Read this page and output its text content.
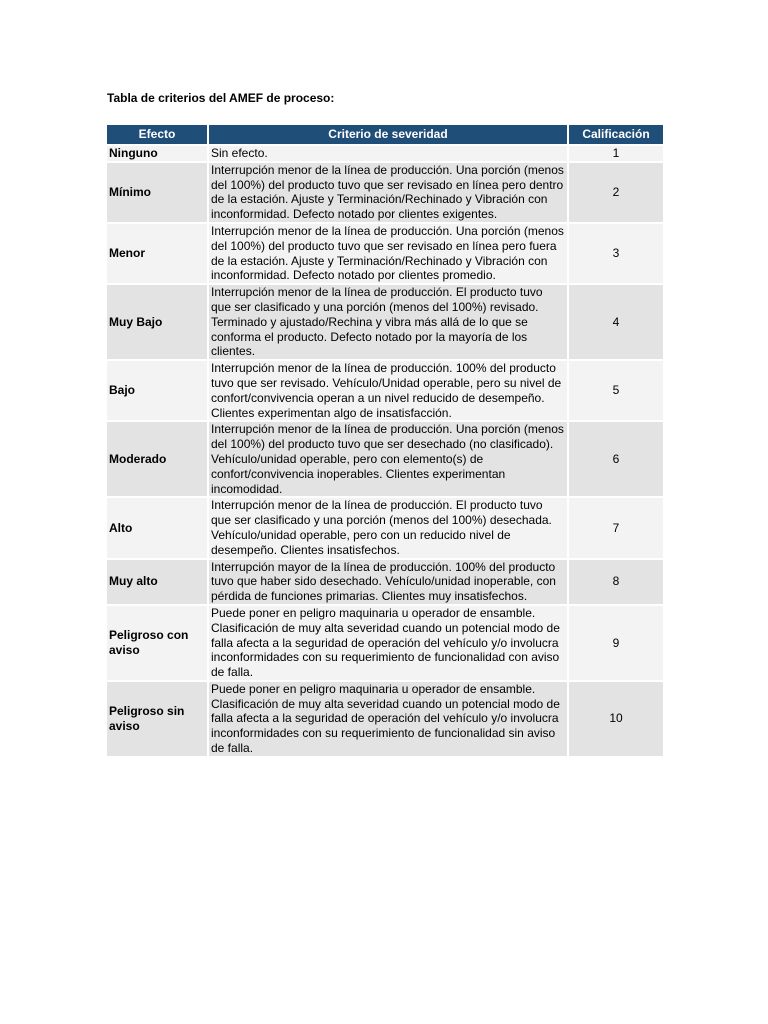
Tabla de criterios del AMEF de proceso:
Efecto	Criterio de severidad	Calificación
Ninguno	Sin efecto.	1
Mínimo	Interrupción menor de la línea de producción. Una porción (menos del 100%) del producto tuvo que ser revisado en línea pero dentro de la estación. Ajuste y Terminación/Rechinado y Vibración con inconformidad. Defecto notado por clientes exigentes.	2
Menor	Interrupción menor de la línea de producción. Una porción (menos del 100%) del producto tuvo que ser revisado en línea pero fuera de la estación. Ajuste y Terminación/Rechinado y Vibración con inconformidad. Defecto notado por clientes promedio.	3
Muy Bajo	Interrupción menor de la línea de producción. El producto tuvo que ser clasificado y una porción (menos del 100%) revisado. Terminado y ajustado/Rechina y vibra más allá de lo que se conforma el producto. Defecto notado por la mayoría de los clientes.	4
Bajo	Interrupción menor de la línea de producción. 100% del producto tuvo que ser revisado. Vehículo/Unidad operable, pero su nivel de confort/convivencia operan a un nivel reducido de desempeño. Clientes experimentan algo de insatisfacción.	5
Moderado	Interrupción menor de la línea de producción. Una porción (menos del 100%) del producto tuvo que ser desechado (no clasificado). Vehículo/unidad operable, pero con elemento(s) de confort/convivencia inoperables. Clientes experimentan incomodidad.	6
Alto	Interrupción menor de la línea de producción. El producto tuvo que ser clasificado y una porción (menos del 100%) desechada. Vehículo/unidad operable, pero con un reducido nivel de desempeño. Clientes insatisfechos.	7
Muy alto	Interrupción mayor de la línea de producción. 100% del producto tuvo que haber sido desechado. Vehículo/unidad inoperable, con pérdida de funciones primarias. Clientes muy insatisfechos.	8
Peligroso con aviso	Puede poner en peligro maquinaria u operador de ensamble. Clasificación de muy alta severidad cuando un potencial modo de falla afecta a la seguridad de operación del vehículo y/o involucra inconformidades con su requerimiento de funcionalidad con aviso de falla.	9
Peligroso sin aviso	Puede poner en peligro maquinaria u operador de ensamble. Clasificación de muy alta severidad cuando un potencial modo de falla afecta a la seguridad de operación del vehículo y/o involucra inconformidades con su requerimiento de funcionalidad sin aviso de falla.	10
